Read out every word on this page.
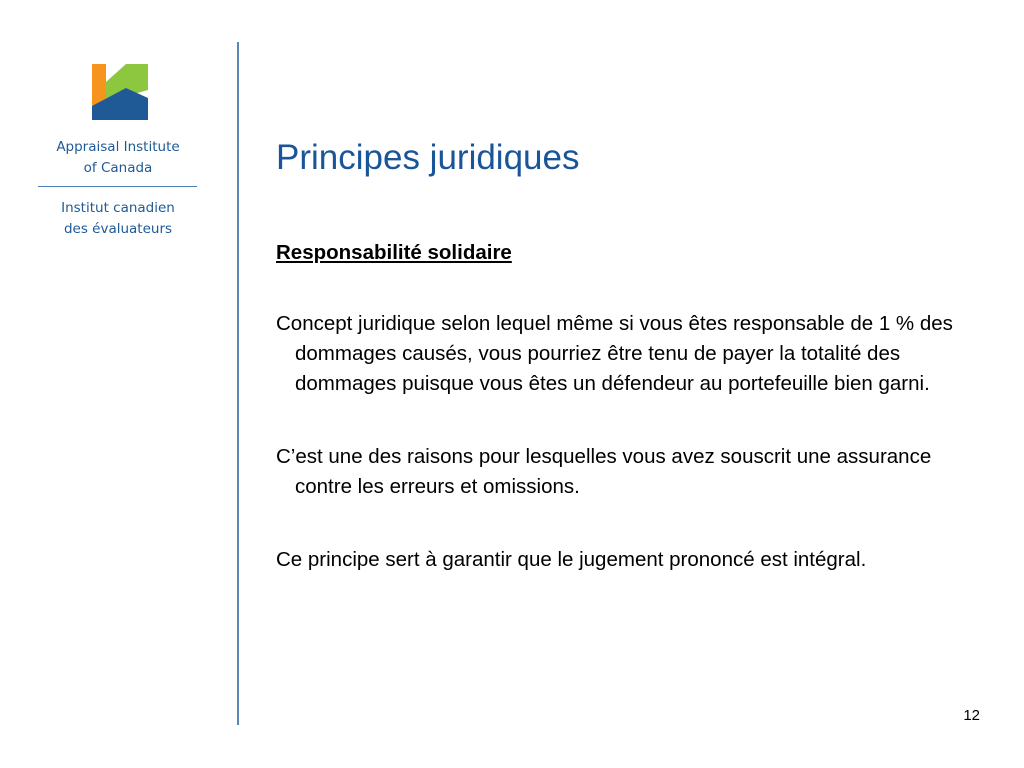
Appraisal Institute
of Canada
Institut canadien
des évaluateurs
Principes juridiques

Responsabilité solidaire

Concept juridique selon lequel même si vous êtes responsable de 1 % des dommages causés, vous pourriez être tenu de payer la totalité des dommages puisque vous êtes un défendeur au portefeuille bien garni.

C’est une des raisons pour lesquelles vous avez souscrit une assurance contre les erreurs et omissions.

Ce principe sert à garantir que le jugement prononcé est intégral.

12
